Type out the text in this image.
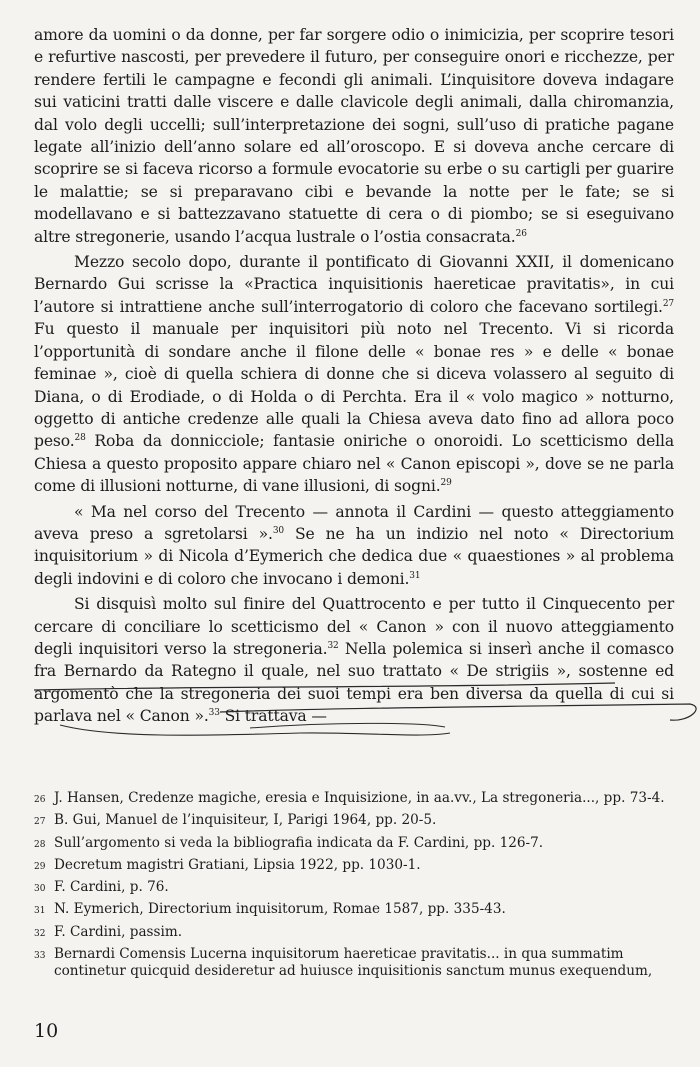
amore da uomini o da donne, per far sorgere odio o inimicizia, per scoprire tesori e refurtive nascosti, per prevedere il futuro, per conseguire onori e ricchezze, per rendere fertili le campagne e fecondi gli animali. L’inquisitore doveva indagare sui vaticini tratti dalle viscere e dalle clavicole degli animali, dalla chiromanzia, dal volo degli uccelli; sull’interpretazione dei sogni, sull’uso di pratiche pagane legate all’inizio dell’anno solare ed all’oroscopo. E si doveva anche cercare di scoprire se si faceva ricorso a formule evocatorie su erbe o su cartigli per guarire le malattie; se si preparavano cibi e bevande la notte per le fate; se si modellavano e si battezzavano statuette di cera o di piombo; se si eseguivano altre stregonerie, usando l’acqua lustrale o l’ostia consacrata.$^{26}$

Mezzo secolo dopo, durante il pontificato di Giovanni XXII, il domenicano Bernardo Gui scrisse la «Practica inquisitionis haereticae pravitatis», in cui l’autore si intrattiene anche sull’interrogatorio di coloro che facevano sortilegi.$^{27}$ Fu questo il manuale per inquisitori più noto nel Trecento. Vi si ricorda l’opportunità di sondare anche il filone delle « bonae res » e delle « bonae feminae », cioè di quella schiera di donne che si diceva volassero al seguito di Diana, o di Erodiade, o di Holda o di Perchta. Era il « volo magico » notturno, oggetto di antiche credenze alle quali la Chiesa aveva dato fino ad allora poco peso.$^{28}$ Roba da donnicciole; fantasie oniriche o onoroidi. Lo scetticismo della Chiesa a questo proposito appare chiaro nel « Canon episcopi », dove se ne parla come di illusioni notturne, di vane illusioni, di sogni.$^{29}$

« Ma nel corso del Trecento — annota il Cardini — questo atteggiamento aveva preso a sgretolarsi ».$^{30}$ Se ne ha un indizio nel noto « Directorium inquisitorium » di Nicola d’Eymerich che dedica due « quaestiones » al problema degli indovini e di coloro che invocano i demoni.$^{31}$

Si disquisì molto sul finire del Quattrocento e per tutto il Cinquecento per cercare di conciliare lo scetticismo del « Canon » con il nuovo atteggiamento degli inquisitori verso la stregoneria.$^{32}$ Nella polemica si inserì anche il comasco fra Bernardo da Rategno il quale, nel suo trattato « De strigiis », sostenne ed argomentò che la stregoneria dei suoi tempi era ben diversa da quella di cui si parlava nel « Canon ».$^{33}$ Si trattava —

26 J. Hansen, Credenze magiche, eresia e Inquisizione, in aa.vv., La stregoneria..., pp. 73-4.
27 B. Gui, Manuel de l’inquisiteur, I, Parigi 1964, pp. 20-5.
28 Sull’argomento si veda la bibliografia indicata da F. Cardini, pp. 126-7.
29 Decretum magistri Gratiani, Lipsia 1922, pp. 1030-1.
30 F. Cardini, p. 76.
31 N. Eymerich, Directorium inquisitorum, Romae 1587, pp. 335-43.
32 F. Cardini, passim.
33 Bernardi Comensis Lucerna inquisitorum haereticae pravitatis... in qua summatim continetur quicquid desideretur ad huiusce inquisitionis sanctum munus exequendum,
10
